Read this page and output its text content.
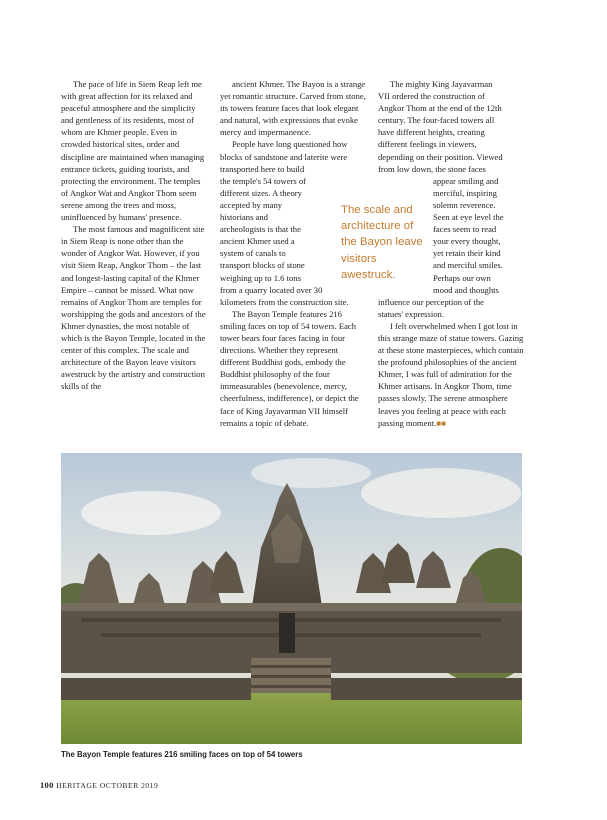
The pace of life in Siem Reap left me with great affection for its relaxed and peaceful atmosphere and the simplicity and gentleness of its residents, most of whom are Khmer people. Even in crowded historical sites, order and discipline are maintained when managing entrance tickets, guiding tourists, and protecting the environment. The temples of Angkor Wat and Angkor Thom seem serene among the trees and moss, uninfluenced by humans' presence.

The most famous and magnificent site in Siem Reap is none other than the wonder of Angkor Wat. However, if you visit Siem Reap, Angkor Thom – the last and longest-lasting capital of the Khmer Empire – cannot be missed. What now remains of Angkor Thom are temples for worshipping the gods and ancestors of the Khmer dynasties, the most notable of which is the Bayon Temple, located in the center of this complex. The scale and architecture of the Bayon leave visitors awestruck by the artistry and construction skills of the

ancient Khmer. The Bayon is a strange yet romantic structure. Carved from stone, its towers feature faces that look elegant and natural, with expressions that evoke mercy and impermanence.

People have long questioned how
blocks of sandstone and laterite were
transported here to build
the temple's 54 towers of
different sizes. A theory
accepted by many
historians and
archeologists is that the
ancient Khmer used a
system of canals to
transport blocks of stone
weighing up to 1.6 tons
from a quarry located over 30
kilometers from the construction site.

The Bayon Temple features 216 smiling faces on top of 54 towers. Each tower bears four faces facing in four directions. Whether they represent different Buddhist gods, embody the Buddhist philosophy of the four immeasurables (benevolence, mercy, cheerfulness, indifference), or depict the face of King Jayavarman VII himself remains a topic of debate.

The scale and architecture of the Bayon leave visitors awestruck.
The mighty King Jayavarman
VII ordered the construction of
Angkor Thom at the end of the 12th
century. The four-faced towers all
have different heights, creating
different feelings in viewers,
depending on their position. Viewed
from low down, the stone faces
appear smiling and
merciful, inspiring
solemn reverence.
Seen at eye level the
faces seem to read
your every thought,
yet retain their kind
and merciful smiles.
Perhaps our own
mood and thoughts
influence our perception of the
statues' expression.

I felt overwhelmed when I got lost in this strange maze of statue towers. Gazing at these stone masterpieces, which contain the profound philosophies of the ancient Khmer, I was full of admiration for the Khmer artisans. In Angkor Thom, time passes slowly. The serene atmosphere leaves you feeling at peace with each passing moment.■■

The Bayon Temple features 216 smiling faces on top of 54 towers
100 HERITAGE OCTOBER 2019
